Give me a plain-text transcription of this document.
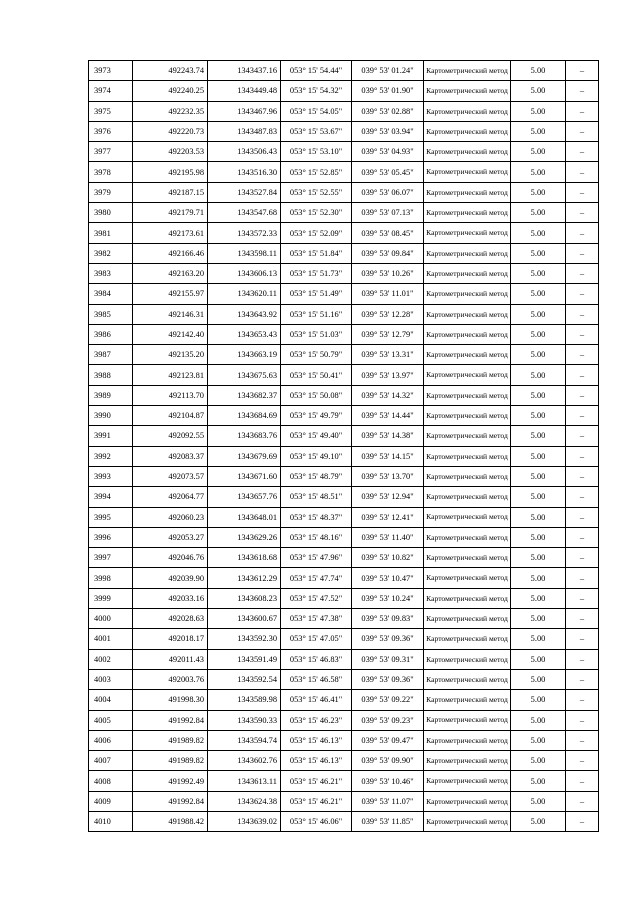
3973	492243.74	1343437.16	053° 15' 54.44"	039° 53' 01.24"	Картометрический метод	5.00	–
3974	492240.25	1343449.48	053° 15' 54.32"	039° 53' 01.90"	Картометрический метод	5.00	–
3975	492232.35	1343467.96	053° 15' 54.05"	039° 53' 02.88"	Картометрический метод	5.00	–
3976	492220.73	1343487.83	053° 15' 53.67"	039° 53' 03.94"	Картометрический метод	5.00	–
3977	492203.53	1343506.43	053° 15' 53.10"	039° 53' 04.93"	Картометрический метод	5.00	–
3978	492195.98	1343516.30	053° 15' 52.85"	039° 53' 05.45"	Картометрический метод	5.00	–
3979	492187.15	1343527.84	053° 15' 52.55"	039° 53' 06.07"	Картометрический метод	5.00	–
3980	492179.71	1343547.68	053° 15' 52.30"	039° 53' 07.13"	Картометрический метод	5.00	–
3981	492173.61	1343572.33	053° 15' 52.09"	039° 53' 08.45"	Картометрический метод	5.00	–
3982	492166.46	1343598.11	053° 15' 51.84"	039° 53' 09.84"	Картометрический метод	5.00	–
3983	492163.20	1343606.13	053° 15' 51.73"	039° 53' 10.26"	Картометрический метод	5.00	–
3984	492155.97	1343620.11	053° 15' 51.49"	039° 53' 11.01"	Картометрический метод	5.00	–
3985	492146.31	1343643.92	053° 15' 51.16"	039° 53' 12.28"	Картометрический метод	5.00	–
3986	492142.40	1343653.43	053° 15' 51.03"	039° 53' 12.79"	Картометрический метод	5.00	–
3987	492135.20	1343663.19	053° 15' 50.79"	039° 53' 13.31"	Картометрический метод	5.00	–
3988	492123.81	1343675.63	053° 15' 50.41"	039° 53' 13.97"	Картометрический метод	5.00	–
3989	492113.70	1343682.37	053° 15' 50.08"	039° 53' 14.32"	Картометрический метод	5.00	–
3990	492104.87	1343684.69	053° 15' 49.79"	039° 53' 14.44"	Картометрический метод	5.00	–
3991	492092.55	1343683.76	053° 15' 49.40"	039° 53' 14.38"	Картометрический метод	5.00	–
3992	492083.37	1343679.69	053° 15' 49.10"	039° 53' 14.15"	Картометрический метод	5.00	–
3993	492073.57	1343671.60	053° 15' 48.79"	039° 53' 13.70"	Картометрический метод	5.00	–
3994	492064.77	1343657.76	053° 15' 48.51"	039° 53' 12.94"	Картометрический метод	5.00	–
3995	492060.23	1343648.01	053° 15' 48.37"	039° 53' 12.41"	Картометрический метод	5.00	–
3996	492053.27	1343629.26	053° 15' 48.16"	039° 53' 11.40"	Картометрический метод	5.00	–
3997	492046.76	1343618.68	053° 15' 47.96"	039° 53' 10.82"	Картометрический метод	5.00	–
3998	492039.90	1343612.29	053° 15' 47.74"	039° 53' 10.47"	Картометрический метод	5.00	–
3999	492033.16	1343608.23	053° 15' 47.52"	039° 53' 10.24"	Картометрический метод	5.00	–
4000	492028.63	1343600.67	053° 15' 47.38"	039° 53' 09.83"	Картометрический метод	5.00	–
4001	492018.17	1343592.30	053° 15' 47.05"	039° 53' 09.36"	Картометрический метод	5.00	–
4002	492011.43	1343591.49	053° 15' 46.83"	039° 53' 09.31"	Картометрический метод	5.00	–
4003	492003.76	1343592.54	053° 15' 46.58"	039° 53' 09.36"	Картометрический метод	5.00	–
4004	491998.30	1343589.98	053° 15' 46.41"	039° 53' 09.22"	Картометрический метод	5.00	–
4005	491992.84	1343590.33	053° 15' 46.23"	039° 53' 09.23"	Картометрический метод	5.00	–
4006	491989.82	1343594.74	053° 15' 46.13"	039° 53' 09.47"	Картометрический метод	5.00	–
4007	491989.82	1343602.76	053° 15' 46.13"	039° 53' 09.90"	Картометрический метод	5.00	–
4008	491992.49	1343613.11	053° 15' 46.21"	039° 53' 10.46"	Картометрический метод	5.00	–
4009	491992.84	1343624.38	053° 15' 46.21"	039° 53' 11.07"	Картометрический метод	5.00	–
4010	491988.42	1343639.02	053° 15' 46.06"	039° 53' 11.85"	Картометрический метод	5.00	–
